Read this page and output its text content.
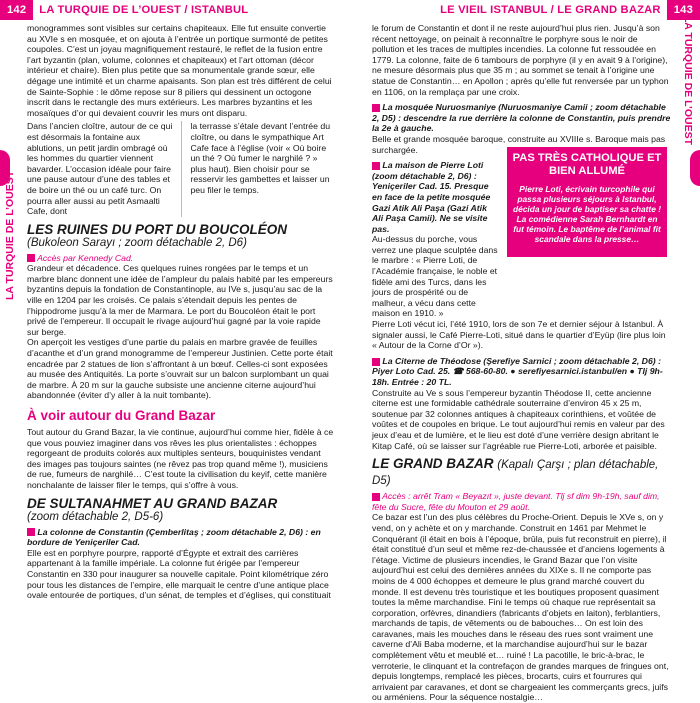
142	LA TURQUIE DE L’OUEST / ISTANBUL	LE VIEIL ISTANBUL / LE GRAND BAZAR	143
LA TURQUIE DE L’OUEST
LA TURQUIE DE L’OUEST

monogrammes sont visibles sur certains chapiteaux. Elle fut ensuite convertie au XVIe s en mosquée, et on ajouta à l’entrée un portique surmonté de petites coupoles. C’est un joyau magnifiquement restauré, le reflet de la fusion entre l’art byzantin (plan, volume, colonnes et chapiteaux) et l’art ottoman (décor intérieur et chaire). Bien plus petite que sa monumentale grande sœur, elle dégage une intimité et un charme apaisants. Son plan est très différent de celui de Sainte-Sophie : le dôme repose sur 8 piliers qui dessinent un octogone inscrit dans le rectangle des murs extérieurs. Les marbres byzantins et les mosaïques d’or qui devaient couvrir les murs ont disparu.

Dans l’ancien cloître, autour de ce qui est désormais la fontaine aux ablutions, un petit jardin ombragé où les hommes du quartier viennent bavarder. L’occasion idéale pour faire une pause autour d’une des tables et de boire un thé ou un café turc. On pourra aller aussi au petit Asmaalti Cafe, dont

la terrasse s’étale devant l’entrée du cloître, ou dans le sympathique Art Cafe face à l’église (voir « Où boire un thé ? Où fumer le narghilé ? » plus haut). Bien choisir pour se resservir les gambettes et laisser un peu filer le temps.

LES RUINES DU PORT DU BOUCOLÉON
(Bukoleon Sarayı ; zoom détachable 2, D6)

Accès par Kennedy Cad.

Grandeur et décadence. Ces quelques ruines rongées par le temps et un marbre blanc donnent une idée de l’ampleur du palais habité par les empereurs byzantins depuis la fondation de Constantinople, au IVe s, jusqu’au sac de la ville en 1204 par les croisés. Ce palais s’étendait depuis les pentes de l’hippodrome jusqu’à la mer de Marmara. Le port du Boucoléon était le port privé de l’empereur. Il occupait le rivage aujourd’hui gagné par la voie rapide sur berge.

On aperçoit les vestiges d’une partie du palais en marbre gravée de feuilles d’acanthe et d’un grand monogramme de l’empereur Justinien. Cette porte était encadrée par 2 statues de lion s’affrontant à un bœuf. Celles-ci sont exposées au musée des Antiquités. La porte s’ouvrait sur un balcon surplombant un quai de marbre. À 20 m sur la gauche subsiste une ancienne citerne aujourd’hui abandonnée (éviter d’y aller à la nuit tombante).

À voir autour du Grand Bazar

Tout autour du Grand Bazar, la vie continue, aujourd’hui comme hier, fidèle à ce que vous pouviez imaginer dans vos rêves les plus orientalistes : échoppes regorgeant de produits colorés aux multiples senteurs, bouquinistes vendant des images pas toujours saintes (ne rêvez pas trop quand même !), musiciens de rue, fumeurs de narghilé… C’est toute la civilisation du keyif, cette manière nonchalante de laisser filer le temps, qui s’offre à vous.

DE SULTANAHMET AU GRAND BAZAR
(zoom détachable 2, D5-6)

La colonne de Constantin (Çemberlitaş ; zoom détachable 2, D6) : en bordure de Yeniçeriler Cad.

Elle est en porphyre pourpre, rapporté d’Égypte et extrait des carrières appartenant à la famille impériale. La colonne fut érigée par l’empereur Constantin en 330 pour inaugurer sa nouvelle capitale. Point kilométrique zéro pour tous les distances de l’empire, elle marquait le centre d’une antique place ovale entourée de portiques, d’un sénat, de temples et d’églises, qui constituait

le forum de Constantin et dont il ne reste aujourd’hui plus rien. Jusqu’à son récent nettoyage, on peinait à reconnaître le porphyre sous le noir de pollution et les traces de multiples incendies. La colonne fut ressoudée en 1779. La colonne, faite de 6 tambours de porphyre (il y en avait 9 à l’origine), ne mesure désormais plus que 35 m ; au sommet se tenait à l’origine une statue de Constantin… en Apollon ; après qu’elle fut renversée par un typhon en 1106, on la remplaça par une croix.

La mosquée Nuruosmaniye (Nuruosmaniye Camii ; zoom détachable 2, D5) : descendre la rue derrière la colonne de Constantin, puis prendre la 2e à gauche.

Belle et grande mosquée baroque, construite au XVIIIe s. Baroque mais pas surchargée.

La maison de Pierre Loti (zoom détachable 2, D6) : Yeniçeriler Cad. 15. Presque en face de la petite mosquée Gazi Atik Ali Paşa (Gazi Atik Ali Paşa Camii). Ne se visite pas.

Au-dessus du porche, vous verrez une plaque sculptée dans le marbre : « Pierre Loti, de l’Académie française, le noble et fidèle ami des Turcs, dans les jours de prospérité ou de malheur, a vécu dans cette maison en 1910. »

Pierre Loti vécut ici, l’été 1910, lors de son 7e et dernier séjour à Istanbul. À signaler aussi, le Café Pierre-Loti, situé dans le quartier d’Eyüp (lire plus loin « Autour de la Corne d’Or »).

La Citerne de Théodose (Şerefiye Sarnici ; zoom détachable 2, D6) : Piyer Loto Cad. 25. ☎ 568-60-80. ● serefiyesarnici.istanbul/en ● Tlj 9h-18h. Entrée : 20 TL.

Construite au Ve s sous l’empereur byzantin Théodose II, cette ancienne citerne est une formidable cathédrale souterraine d’environ 45 x 25 m, soutenue par 32 colonnes antiques à chapiteaux corinthiens, et voûtée de voûtes et de coupoles en brique. Le tout aujourd’hui remis en valeur par des jeux d’eau et de lumière, et le lieu est doté d’une verrière design abritant le Kitap Café, où se laisser sur l’agréable rue Pierre-Loti, arborée et paisible.

LE GRAND BAZAR (Kapalı Çarşı ; plan détachable, D5)

Accès : arrêt Tram « Beyazıt », juste devant. Tlj sf dim 9h-19h, sauf dim, fête du Sucre, fête du Mouton et 29 août.

Ce bazar est l’un des plus célèbres du Proche-Orient. Depuis le XVe s, on y vend, on y achète et on y marchande. Construit en 1461 par Mehmet le Conquérant (il était en bois à l’époque, brûla, puis fut reconstruit en pierre), il était constitué d’un seul et même rez-de-chaussée et d’anciens logements à l’étage. Victime de plusieurs incendies, le Grand Bazar que l’on visite aujourd’hui est celui des dernières années du XIXe s. Il ne comporte pas moins de 4 000 échoppes et demeure le plus grand marché couvert du monde. Il est devenu très touristique et les boutiques proposent quasiment toutes la même marchandise. Fini le temps où chaque rue représentait sa corporation, orfèvres, dinandiers (fabricants d’objets en laiton), ferblantiers, marchands de tapis, de vêtements ou de babouches… On est loin des caravanes, mais les mouches dans le réseau des rues sont vraiment une caverne d’Ali Baba moderne, et la marchandise aujourd’hui sur le bazar complètement vêtu et meublé et… ruiné ! La pacotille, le bric-à-brac, le verroterie, le clinquant et la contrefaçon de grandes marques de fringues ont, depuis longtemps, remplacé les pièces, brocarts, cuirs et fourrures qui arrivaient par caravanes, et dont se chargeaient les commerçants grecs, juifs ou arméniens. Pour la séquence nostalgie…

PAS TRÈS CATHOLIQUE ET BIEN ALLUMÉ
Pierre Loti, écrivain turcophile qui passa plusieurs séjours à Istanbul, décida un jour de baptiser sa chatte ! La comédienne Sarah Bernhardt en fut témoin. Le baptême de l’animal fit scandale dans la presse…
